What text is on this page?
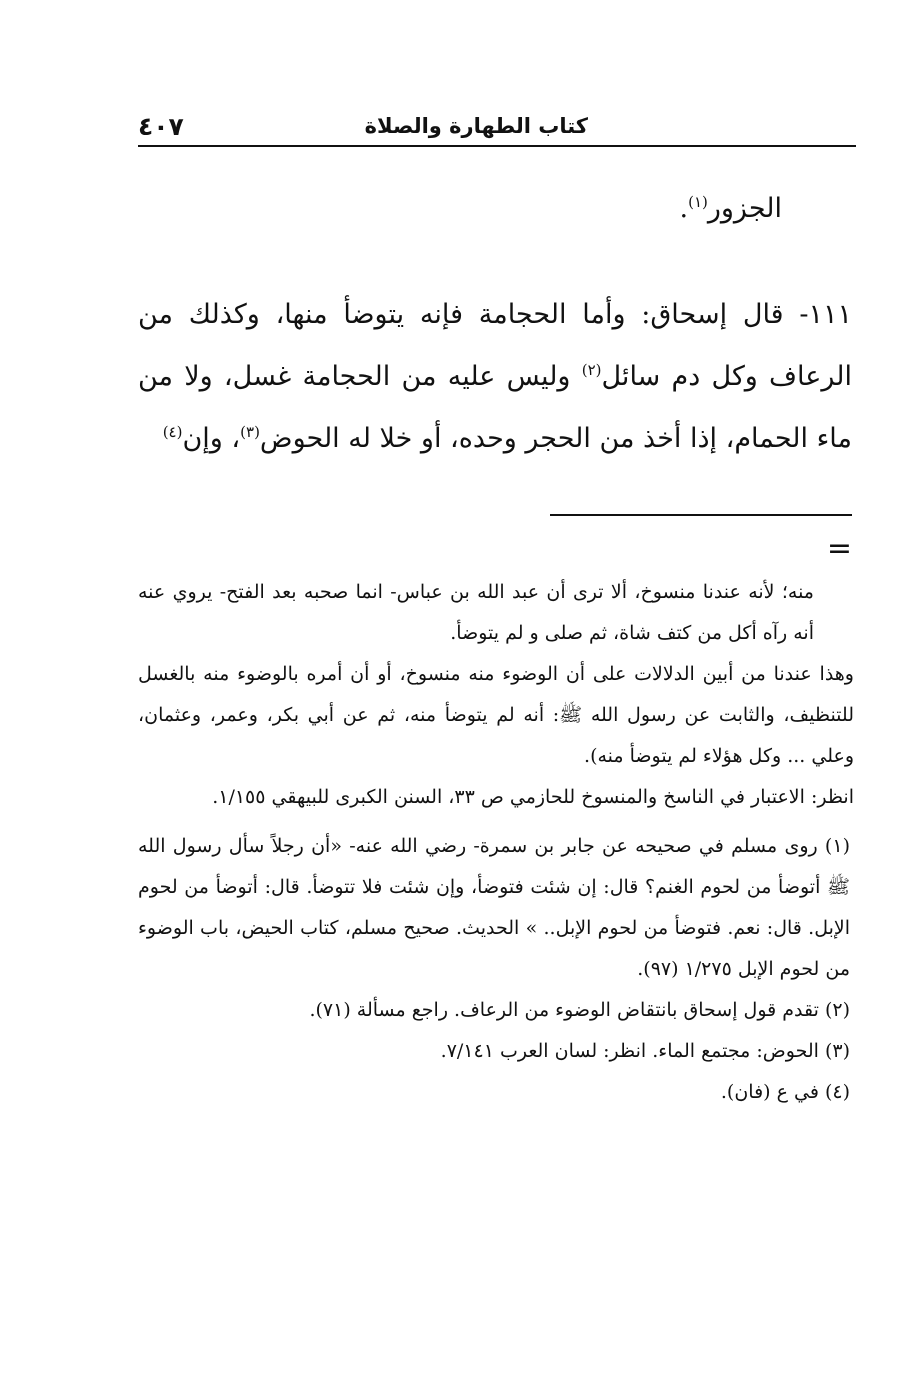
كتاب الطهارة والصلاة
٤٠٧

الجزور$^{(١)}$.

١١١- قال إسحاق: وأما الحجامة فإنه يتوضأ منها، وكذلك من الرعاف وكل دم سائل$^{(٢)}$ وليس عليه من الحجامة غسل، ولا من ماء الحمام، إذا أخذ من الحجر وحده، أو خلا له الحوض$^{(٣)}$، وإن$^{(٤)}$

=

منه؛ لأنه عندنا منسوخ، ألا ترى أن عبد الله بن عباس- انما صحبه بعد الفتح- يروي عنه أنه رآه أكل من كتف شاة، ثم صلى و لم يتوضأ.

وهذا عندنا من أبين الدلالات على أن الوضوء منه منسوخ، أو أن أمره بالوضوء منه بالغسل للتنظيف، والثابت عن رسول الله ﷺ: أنه لم يتوضأ منه، ثم عن أبي بكر، وعمر، وعثمان، وعلي ... وكل هؤلاء لم يتوضأ منه).

انظر: الاعتبار في الناسخ والمنسوخ للحازمي ص ٣٣، السنن الكبرى للبيهقي ١/١٥٥.

(١) روى مسلم في صحيحه عن جابر بن سمرة- رضي الله عنه- «أن رجلاً سأل رسول الله ﷺ أتوضأ من لحوم الغنم؟ قال: إن شئت فتوضأ، وإن شئت فلا تتوضأ. قال: أتوضأ من لحوم الإبل. قال: نعم. فتوضأ من لحوم الإبل.. » الحديث. صحيح مسلم، كتاب الحيض، باب الوضوء من لحوم الإبل ١/٢٧٥ (٩٧).

(٢) تقدم قول إسحاق بانتقاض الوضوء من الرعاف. راجع مسألة (٧١).

(٣) الحوض: مجتمع الماء. انظر: لسان العرب ٧/١٤١.

(٤) في ع (فان).
